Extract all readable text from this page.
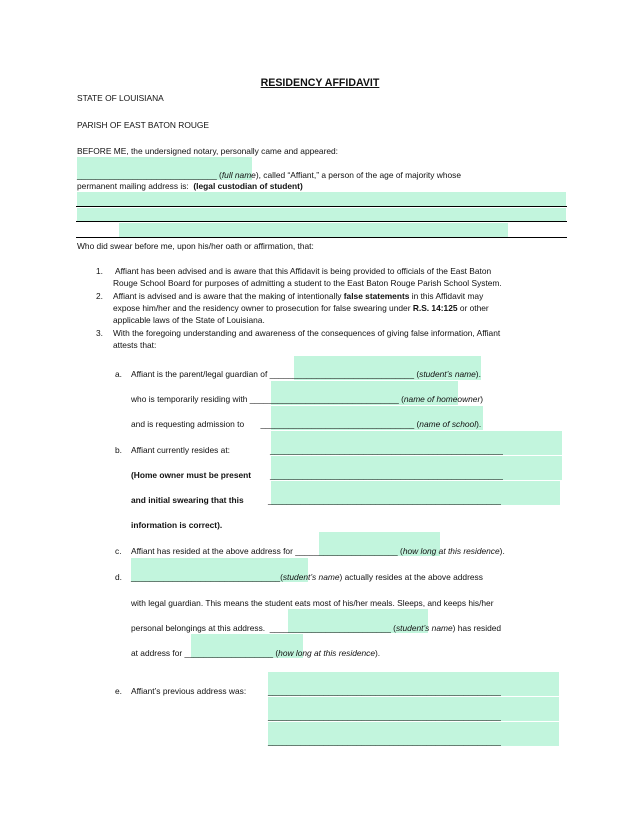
RESIDENCY AFFIDAVIT
STATE OF LOUISIANA
PARISH OF EAST BATON ROUGE
BEFORE ME, the undersigned notary, personally came and appeared:
______________________________ (full name), called “Affiant,” a person of the age of majority whose
permanent mailing address is: (legal custodian of student)
Who did swear before me, upon his/her oath or affirmation, that:
1. Affiant has been advised and is aware that this Affidavit is being provided to officials of the East Baton
Rouge School Board for purposes of admitting a student to the East Baton Rouge Parish School System.
2. Affiant is advised and is aware that the making of intentionally false statements in this Affidavit may
expose him/her and the residency owner to prosecution for false swearing under R.S. 14:125 or other
applicable laws of the State of Louisiana.
3. With the foregoing understanding and awareness of the consequences of giving false information, Affiant
attests that:
a. Affiant is the parent/legal guardian of _______________________________ (student’s name).
who is temporarily residing with ________________________________ (name of homeowner)
and is requesting admission to _________________________________ (name of school).
b. Affiant currently resides at:	__________________________________________________
(Home owner must be present __________________________________________________
and initial swearing that this	__________________________________________________
information is correct).
c. Affiant has resided at the above address for ______________________ (how long at this residence).
d. ________________________________(student’s name) actually resides at the above address
with legal guardian. This means the student eats most of his/her meals. Sleeps, and keeps his/her
personal belongings at this address. __________________________ (student’s name) has resided
at address for ___________________ (how long at this residence).
e. Affiant’s previous address was:	__________________________________________________
__________________________________________________
__________________________________________________
